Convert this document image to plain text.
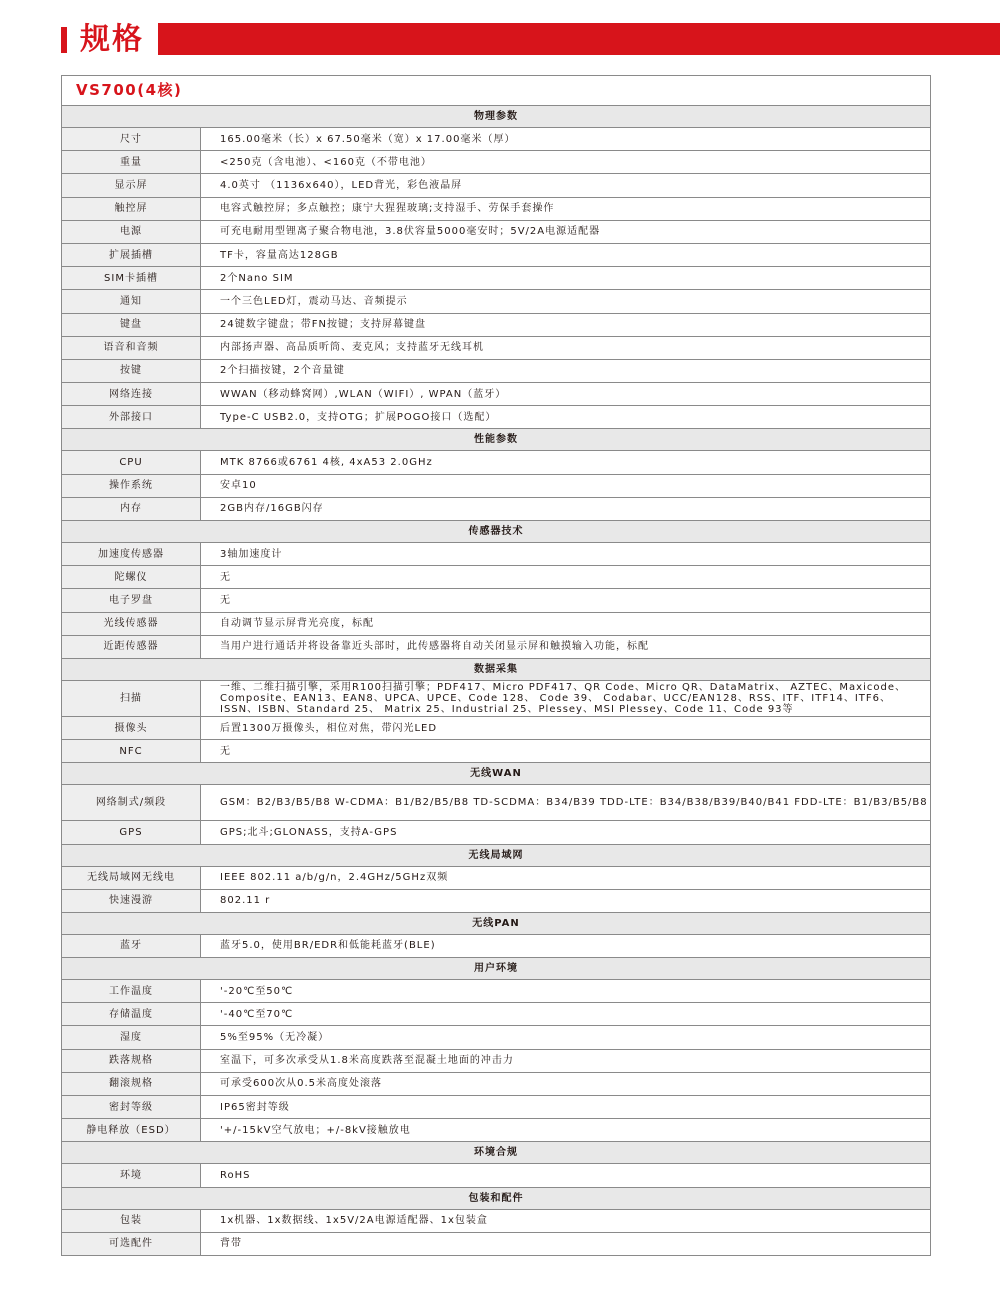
规格
VS700(4核)	
物理参数	
尺寸	165.00毫米（长）x 67.50毫米（宽）x 17.00毫米（厚）
重量	<250克（含电池）、<160克（不带电池）
显示屏	4.0英寸 （1136x640），LED背光，彩色液晶屏
触控屏	电容式触控屏；多点触控；康宁大猩猩玻璃;支持湿手、劳保手套操作
电源	可充电耐用型锂离子聚合物电池，3.8伏容量5000毫安时；5V/2A电源适配器
扩展插槽	TF卡，容量高达128GB
SIM卡插槽	2个Nano SIM
通知	一个三色LED灯，震动马达、音频提示
键盘	24键数字键盘；带FN按键；支持屏幕键盘
语音和音频	内部扬声器、高品质听筒、麦克风；支持蓝牙无线耳机
按键	2个扫描按键，2个音量键
网络连接	WWAN（移动蜂窝网）,WLAN（WIFI）, WPAN（蓝牙）
外部接口	Type-C USB2.0，支持OTG；扩展POGO接口（选配）
性能参数	
CPU	MTK 8766或6761 4核, 4xA53 2.0GHz
操作系统	安卓10
内存	2GB内存/16GB闪存
传感器技术	
加速度传感器	3轴加速度计
陀螺仪	无
电子罗盘	无
光线传感器	自动调节显示屏背光亮度，标配
近距传感器	当用户进行通话并将设备靠近头部时，此传感器将自动关闭显示屏和触摸输入功能，标配
数据采集	
扫描	一维、二维扫描引擎，采用R100扫描引擎；PDF417、Micro PDF417、QR Code、Micro QR、DataMatrix、 AZTEC、Maxicode、Composite、EAN13、EAN8、UPCA、UPCE、Code 128、 Code 39、 Codabar、UCC/EAN128、RSS、ITF、ITF14、ITF6、ISSN、ISBN、Standard 25、 Matrix 25、Industrial 25、Plessey、MSI Plessey、Code 11、Code 93等
摄像头	后置1300万摄像头，相位对焦，带闪光LED
NFC	无
无线WAN	
网络制式/频段	GSM：B2/B3/B5/B8 W-CDMA：B1/B2/B5/B8 TD-SCDMA：B34/B39 TDD-LTE：B34/B38/B39/B40/B41 FDD-LTE：B1/B3/B5/B8
GPS	GPS;北斗;GLONASS，支持A-GPS
无线局域网	
无线局域网无线电	IEEE 802.11 a/b/g/n，2.4GHz/5GHz双频
快速漫游	802.11 r
无线PAN	
蓝牙	蓝牙5.0，使用BR/EDR和低能耗蓝牙(BLE)
用户环境	
工作温度	'-20℃至50℃
存储温度	'-40℃至70℃
湿度	5%至95%（无冷凝）
跌落规格	室温下，可多次承受从1.8米高度跌落至混凝土地面的冲击力
翻滚规格	可承受600次从0.5米高度处滚落
密封等级	IP65密封等级
静电释放（ESD）	'+/-15kV空气放电；+/-8kV接触放电
环境合规	
环境	RoHS
包装和配件	
包装	1x机器、1x数据线、1x5V/2A电源适配器、1x包装盒
可选配件	背带
